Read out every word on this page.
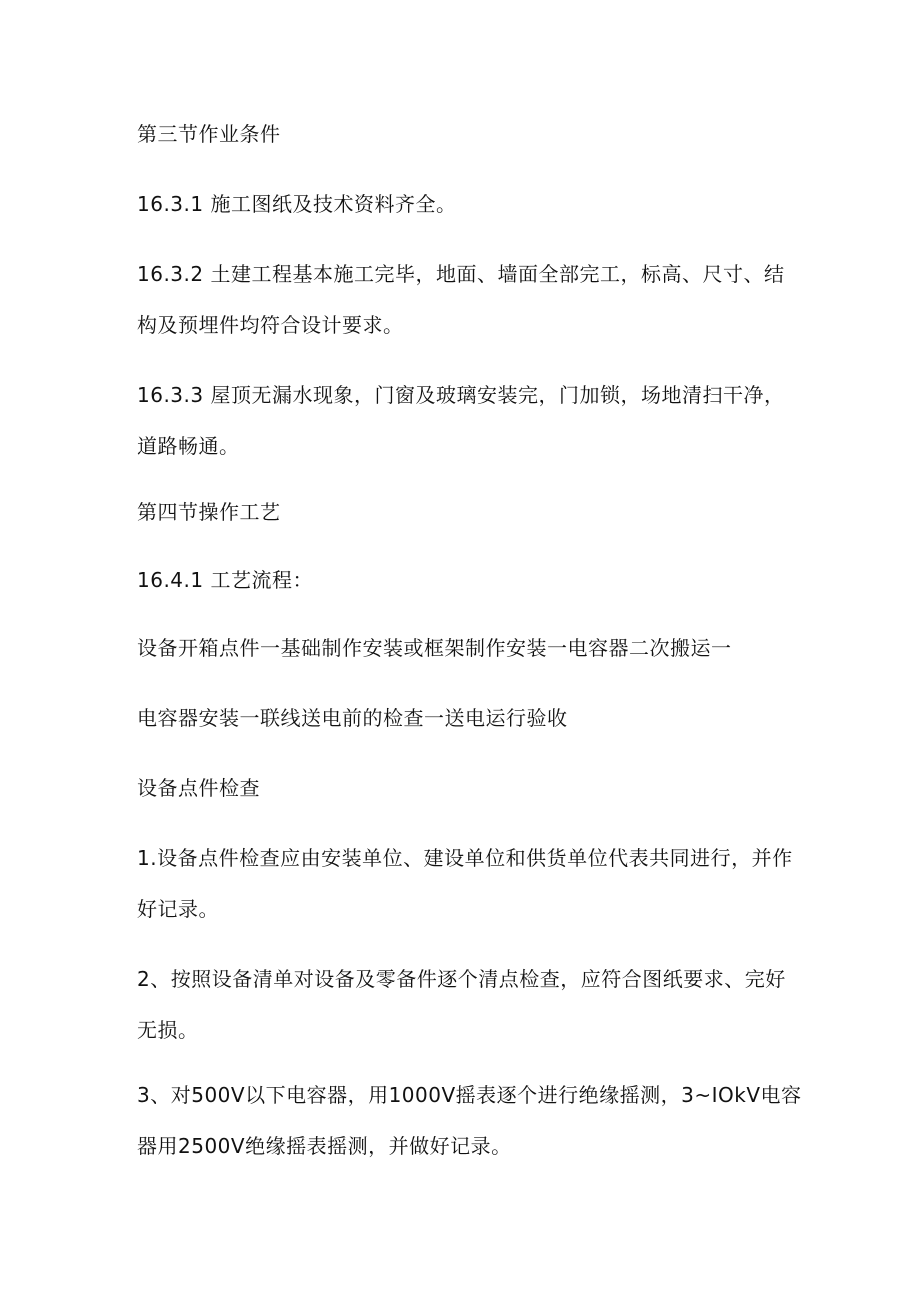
第三节作业条件
16.3.1 施工图纸及技术资料齐全。
16.3.2 土建工程基本施工完毕，地面、墙面全部完工，标高、尺寸、结
构及预埋件均符合设计要求。
16.3.3 屋顶无漏水现象，门窗及玻璃安装完，门加锁，场地清扫干净，
道路畅通。
第四节操作工艺
16.4.1 工艺流程：
设备开箱点件一基础制作安装或框架制作安装一电容器二次搬运一
电容器安装一联线送电前的检查一送电运行验收
设备点件检查
1.设备点件检查应由安装单位、建设单位和供货单位代表共同进行，并作
好记录。
2、按照设备清单对设备及零备件逐个清点检查，应符合图纸要求、完好
无损。
3、对500V以下电容器，用1000V摇表逐个进行绝缘摇测，3~IOkV电容
器用2500V绝缘摇表摇测，并做好记录。
